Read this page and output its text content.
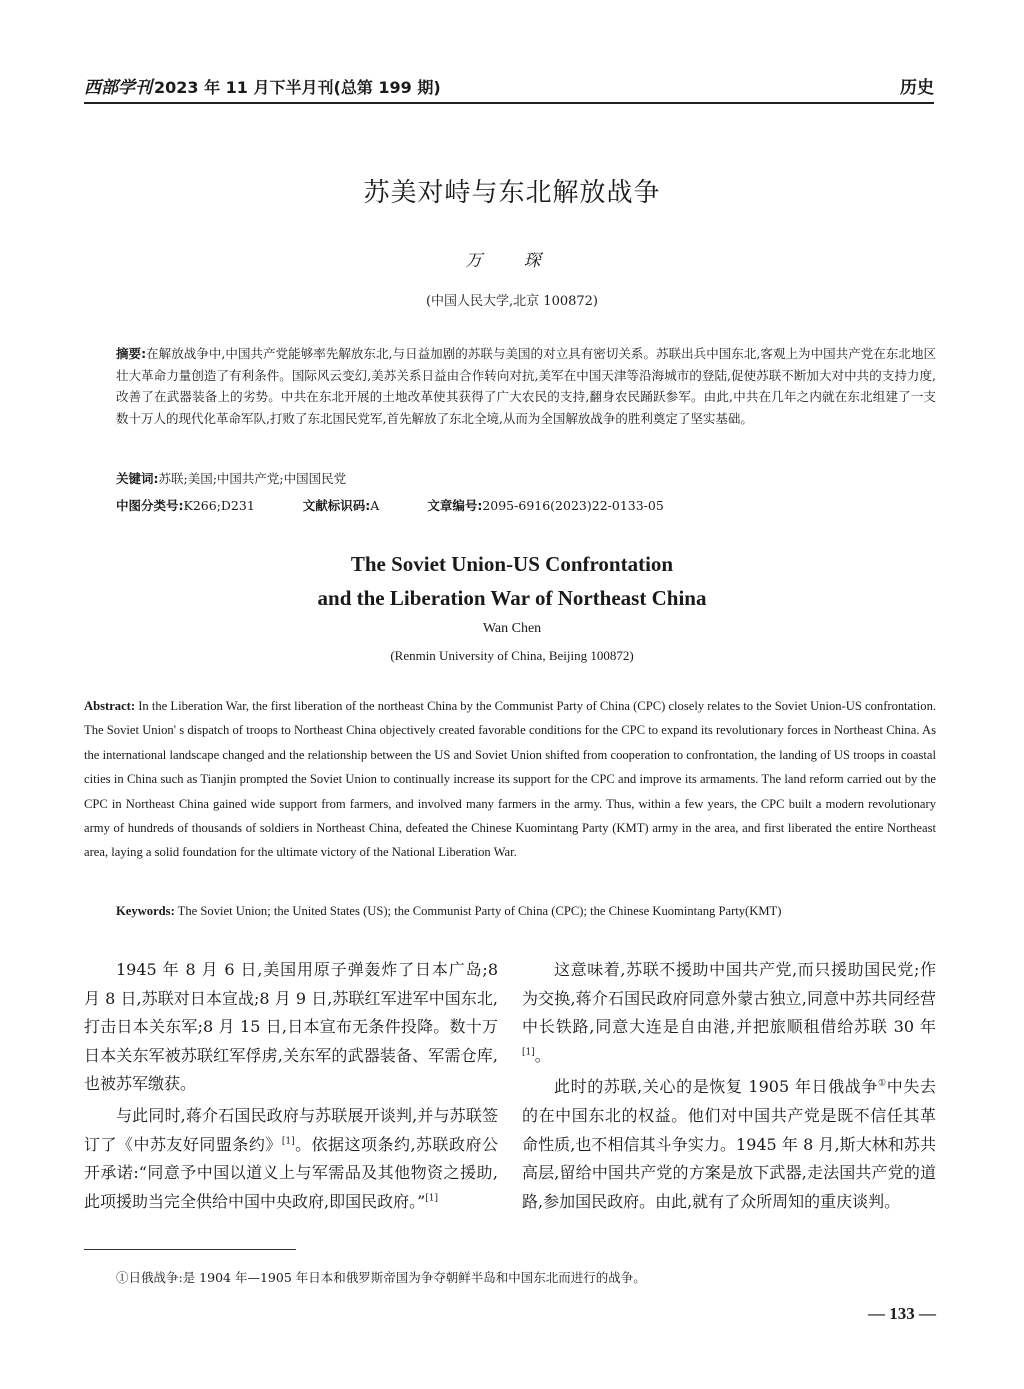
西部学刊 2023 年 11 月下半月刊(总第 199 期)	历史
苏美对峙与东北解放战争
万 琛
(中国人民大学,北京 100872)
摘要:在解放战争中,中国共产党能够率先解放东北,与日益加剧的苏联与美国的对立具有密切关系。苏联出兵中国东北,客观上为中国共产党在东北地区壮大革命力量创造了有利条件。国际风云变幻,美苏关系日益由合作转向对抗,美军在中国天津等沿海城市的登陆,促使苏联不断加大对中共的支持力度,改善了在武器装备上的劣势。中共在东北开展的土地改革使其获得了广大农民的支持,翻身农民踊跃参军。由此,中共在几年之内就在东北组建了一支数十万人的现代化革命军队,打败了东北国民党军,首先解放了东北全境,从而为全国解放战争的胜利奠定了坚实基础。
关键词:苏联;美国;中国共产党;中国国民党
中图分类号:K266;D231	文献标识码:A	文章编号:2095-6916(2023)22-0133-05
The Soviet Union-US Confrontation
and the Liberation War of Northeast China
Wan Chen
(Renmin University of China, Beijing 100872)
Abstract: In the Liberation War, the first liberation of the northeast China by the Communist Party of China (CPC) closely relates to the Soviet Union-US confrontation. The Soviet Union' s dispatch of troops to Northeast China objectively created favorable conditions for the CPC to expand its revolutionary forces in Northeast China. As the international landscape changed and the relationship between the US and Soviet Union shifted from cooperation to confrontation, the landing of US troops in coastal cities in China such as Tianjin prompted the Soviet Union to continually increase its support for the CPC and improve its armaments. The land reform carried out by the CPC in Northeast China gained wide support from farmers, and involved many farmers in the army. Thus, within a few years, the CPC built a modern revolutionary army of hundreds of thousands of soldiers in Northeast China, defeated the Chinese Kuomintang Party (KMT) army in the area, and first liberated the entire Northeast area, laying a solid foundation for the ultimate victory of the National Liberation War.
Keywords: The Soviet Union; the United States (US); the Communist Party of China (CPC); the Chinese Kuomintang Party(KMT)

1945 年 8 月 6 日,美国用原子弹轰炸了日本广岛;8 月 8 日,苏联对日本宣战;8 月 9 日,苏联红军进军中国东北,打击日本关东军;8 月 15 日,日本宣布无条件投降。数十万日本关东军被苏联红军俘虏,关东军的武器装备、军需仓库,也被苏军缴获。

与此同时,蒋介石国民政府与苏联展开谈判,并与苏联签订了《中苏友好同盟条约》[1]。依据这项条约,苏联政府公开承诺:“同意予中国以道义上与军需品及其他物资之援助,此项援助当完全供给中国中央政府,即国民政府。”[1]

这意味着,苏联不援助中国共产党,而只援助国民党;作为交换,蒋介石国民政府同意外蒙古独立,同意中苏共同经营中长铁路,同意大连是自由港,并把旅顺租借给苏联 30 年[1]。

此时的苏联,关心的是恢复 1905 年日俄战争①中失去的在中国东北的权益。他们对中国共产党是既不信任其革命性质,也不相信其斗争实力。1945 年 8 月,斯大林和苏共高层,留给中国共产党的方案是放下武器,走法国共产党的道路,参加国民政府。由此,就有了众所周知的重庆谈判。

①日俄战争:是 1904 年—1905 年日本和俄罗斯帝国为争夺朝鲜半岛和中国东北而进行的战争。
— 133 —
